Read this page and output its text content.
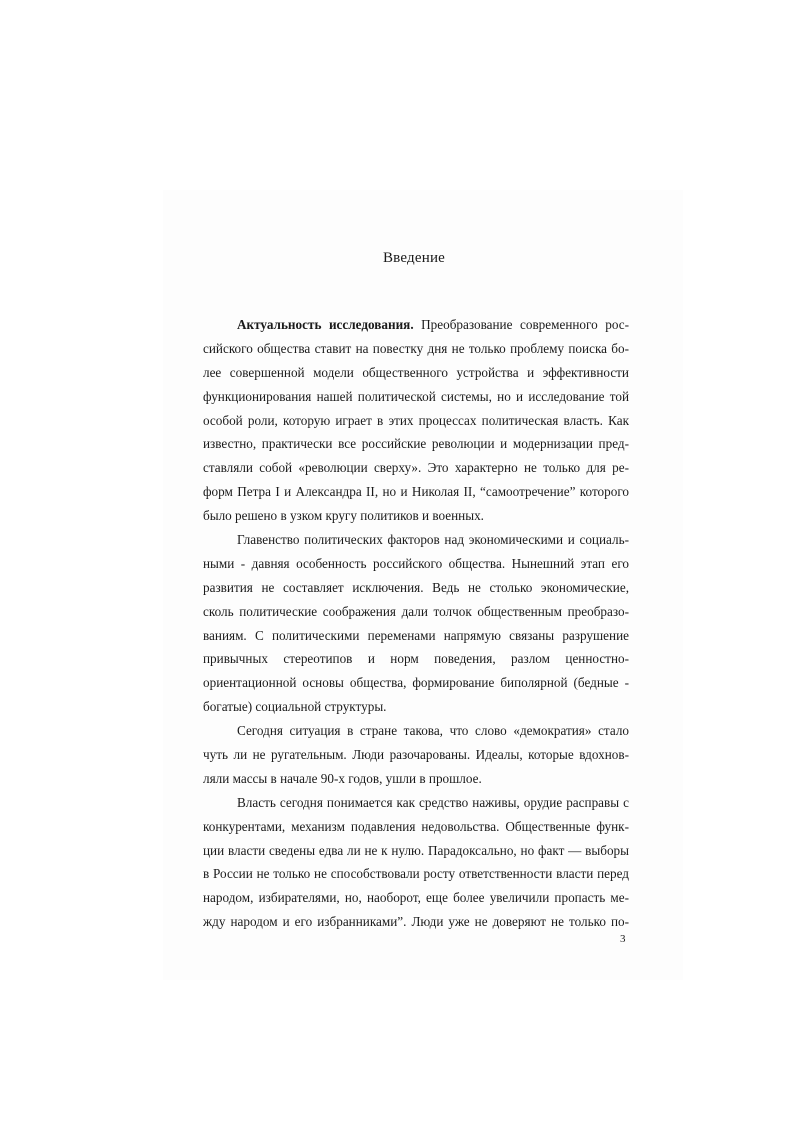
Введение
Актуальность исследования. Преобразование современного рос-
сийского общества ставит на повестку дня не только проблему поиска бо-
лее совершенной модели общественного устройства и эффективности
функционирования нашей политической системы, но и исследование той
особой роли, которую играет в этих процессах политическая власть. Как
известно, практически все российские революции и модернизации пред-
ставляли собой «революции сверху». Это характерно не только для ре-
форм Петра I и Александра II, но и Николая II, “самоотречение” которого
было решено в узком кругу политиков и военных.
Главенство политических факторов над экономическими и социаль-
ными - давняя особенность российского общества. Нынешний этап его
развития не составляет исключения. Ведь не столько экономические,
сколь политические соображения дали толчок общественным преобразо-
ваниям. С политическими переменами напрямую связаны разрушение
привычных стереотипов и норм поведения, разлом ценностно-
ориентационной основы общества, формирование биполярной (бедные -
богатые) социальной структуры.
Сегодня ситуация в стране такова, что слово «демократия» стало
чуть ли не ругательным. Люди разочарованы. Идеалы, которые вдохнов-
ляли массы в начале 90-х годов, ушли в прошлое.
Власть сегодня понимается как средство наживы, орудие расправы с
конкурентами, механизм подавления недовольства. Общественные функ-
ции власти сведены едва ли не к нулю. Парадоксально, но факт — выборы
в России не только не способствовали росту ответственности власти перед
народом, избирателями, но, наоборот, еще более увеличили пропасть ме-
жду народом и его избранниками”. Люди уже не доверяют не только по-
3
